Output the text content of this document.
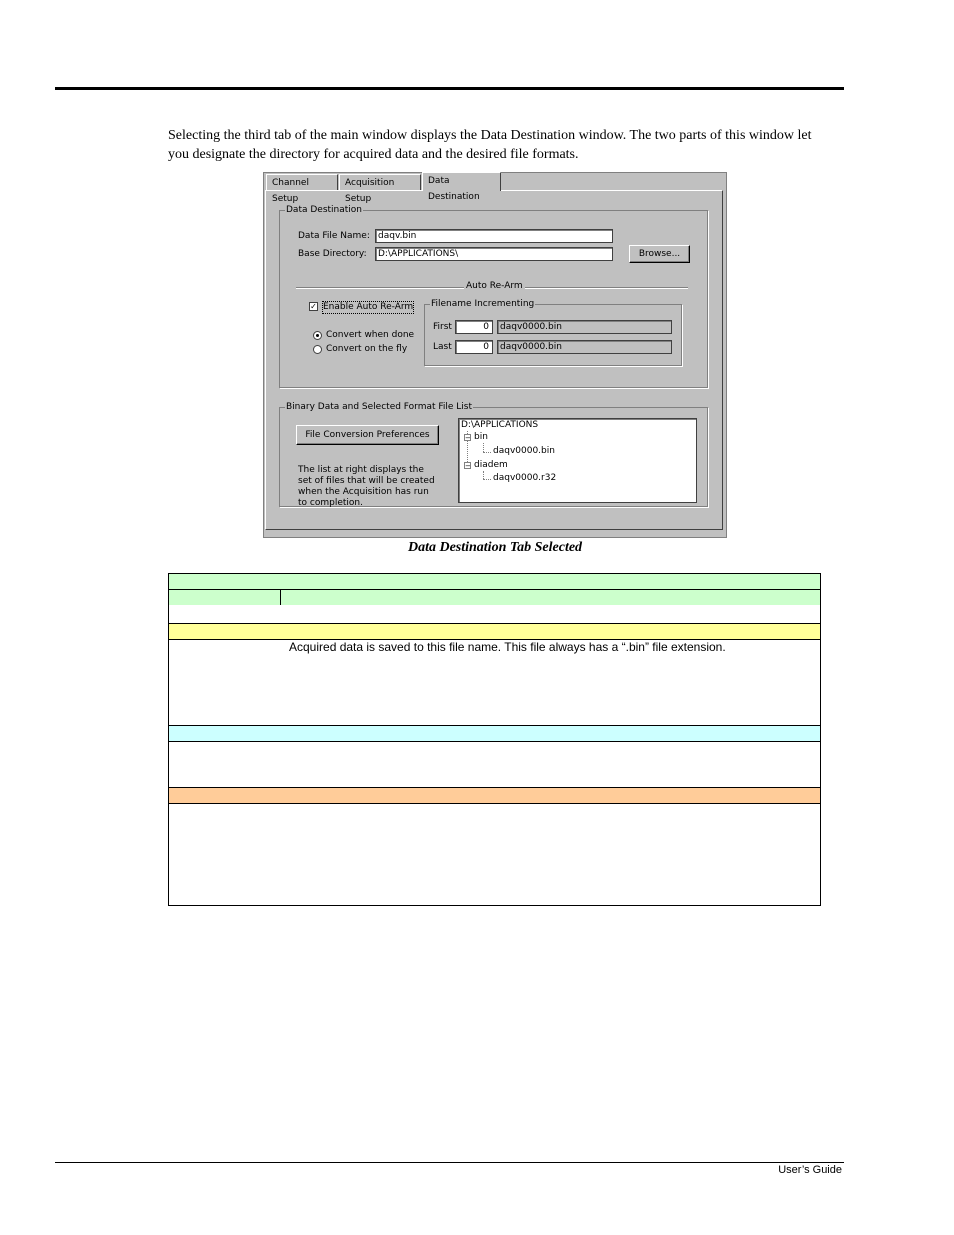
Selecting the third tab of the main window displays the Data Destination window. The two parts of this window let you designate the directory for acquired data and the desired file formats.
Channel Setup
Acquisition Setup
Data Destination
Data Destination
Data File Name: daqv.bin
Base Directory:	D:\APPLICATIONS\	Browse...
Auto Re-Arm
✓ Enable Auto Re-Arm
Convert when done
Convert on the fly
Filename Incrementing
First	0	daqv0000.bin
Last	0	daqv0000.bin
Binary Data and Selected Format File List
File Conversion Preferences
The list at right displays the set of files that will be created when the Acquisition has run to completion.
D:\APPLICATIONS
− bin
daqv0000.bin
− diadem
daqv0000.r32
Data Destination Tab Selected
Acquired data is saved to this file name. This file always has a “.bin” file extension.
User’s Guide
